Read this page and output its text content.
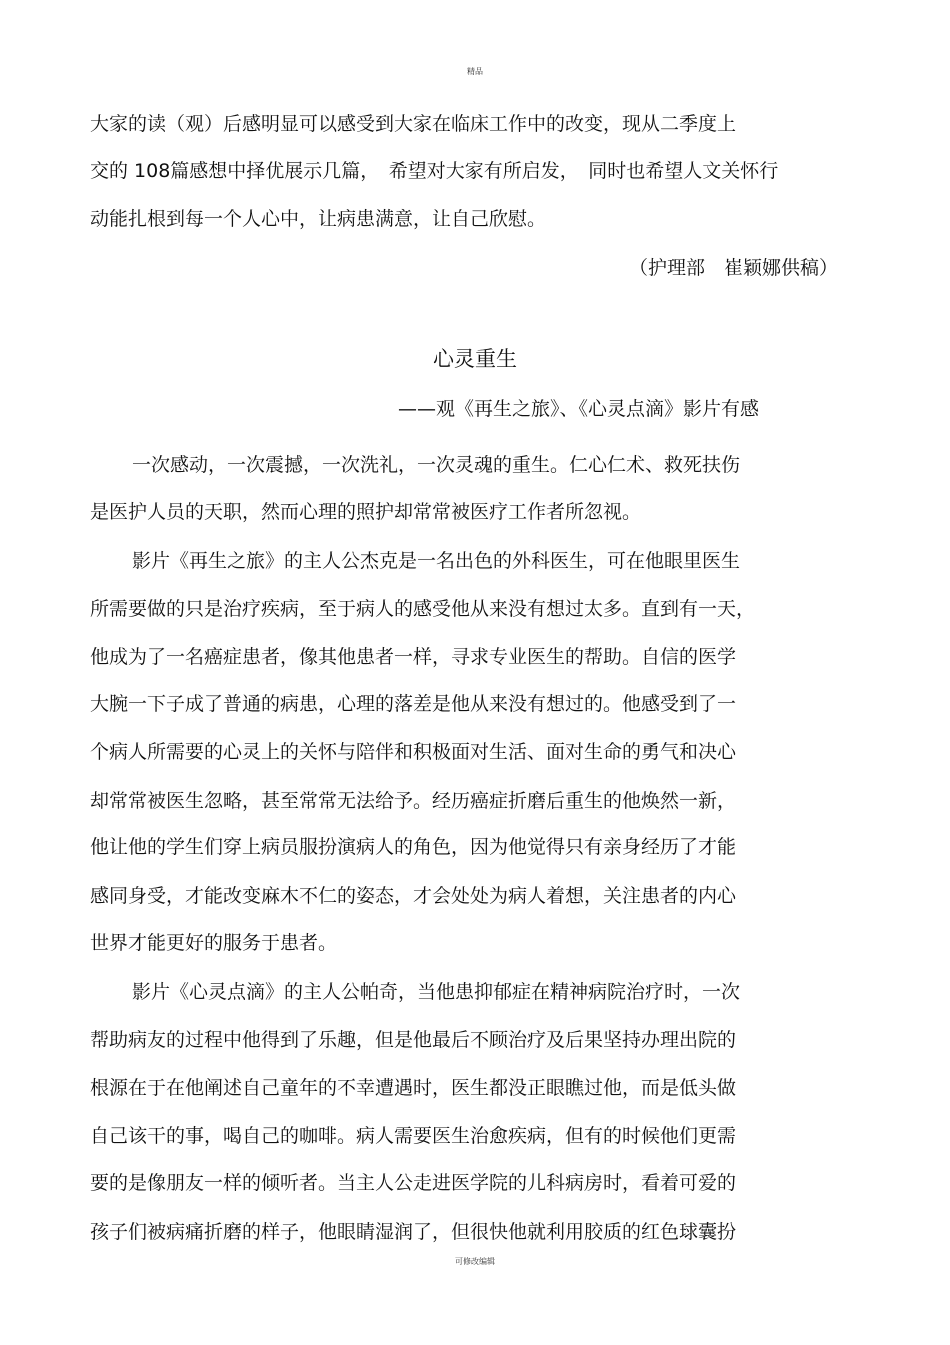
精品
大家的读（观）后感明显可以感受到大家在临床工作中的改变，现从二季度上
交的 108篇感想中择优展示几篇，　希望对大家有所启发，　同时也希望人文关怀行
动能扎根到每一个人心中，让病患满意，让自己欣慰。
（护理部　崔颖娜供稿）
心灵重生
——观《再生之旅》、《心灵点滴》影片有感
一次感动，一次震撼，一次洗礼，一次灵魂的重生。仁心仁术、救死扶伤
是医护人员的天职，然而心理的照护却常常被医疗工作者所忽视。
影片《再生之旅》的主人公杰克是一名出色的外科医生，可在他眼里医生
所需要做的只是治疗疾病，至于病人的感受他从来没有想过太多。直到有一天，
他成为了一名癌症患者，像其他患者一样，寻求专业医生的帮助。自信的医学
大腕一下子成了普通的病患，心理的落差是他从来没有想过的。他感受到了一
个病人所需要的心灵上的关怀与陪伴和积极面对生活、面对生命的勇气和决心
却常常被医生忽略，甚至常常无法给予。经历癌症折磨后重生的他焕然一新，
他让他的学生们穿上病员服扮演病人的角色，因为他觉得只有亲身经历了才能
感同身受，才能改变麻木不仁的姿态，才会处处为病人着想，关注患者的内心
世界才能更好的服务于患者。
影片《心灵点滴》的主人公帕奇，当他患抑郁症在精神病院治疗时，一次
帮助病友的过程中他得到了乐趣，但是他最后不顾治疗及后果坚持办理出院的
根源在于在他阐述自己童年的不幸遭遇时，医生都没正眼瞧过他，而是低头做
自己该干的事，喝自己的咖啡。病人需要医生治愈疾病，但有的时候他们更需
要的是像朋友一样的倾听者。当主人公走进医学院的儿科病房时，看着可爱的
孩子们被病痛折磨的样子，他眼睛湿润了，但很快他就利用胶质的红色球囊扮
可修改编辑
